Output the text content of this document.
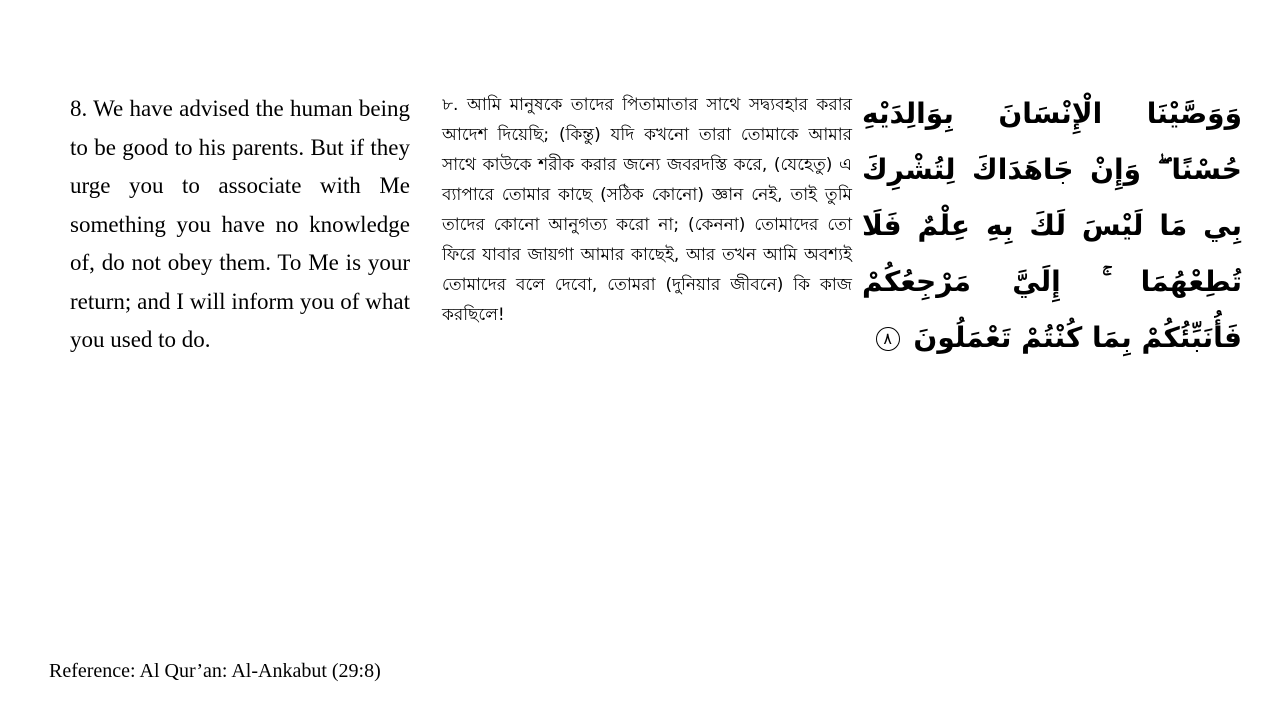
8. We have advised the human being to be good to his parents. But if they urge you to associate with Me something you have no knowledge of, do not obey them. To Me is your return; and I will inform you of what you used to do.

৮. আমি মানুষকে তাদের পিতামাতার সাথে সদ্ব্যবহার করার আদেশ দিয়েছি; (কিন্তু) যদি কখনো তারা তোমাকে আমার সাথে কাউকে শরীক করার জন্যে জবরদস্তি করে, (যেহেতু) এ ব্যাপারে তোমার কাছে (সঠিক কোনো) জ্ঞান নেই, তাই তুমি তাদের কোনো আনুগত্য করো না; (কেননা) তোমাদের তো ফিরে যাবার জায়গা আমার কাছেই, আর তখন আমি অবশ্যই তোমাদের বলে দেবো, তোমরা (দুনিয়ার জীবনে) কি কাজ করছিলে!

وَوَصَّيْنَا الْإِنْسَانَ بِوَالِدَيْهِ حُسْنًا ۖ وَإِنْ جَاهَدَاكَ لِتُشْرِكَ بِي مَا لَيْسَ لَكَ بِهِ عِلْمٌ فَلَا تُطِعْهُمَا ۚ إِلَيَّ مَرْجِعُكُمْ فَأُنَبِّئُكُمْ بِمَا كُنْتُمْ تَعْمَلُونَ ٨

Reference: Al Qur’an: Al-Ankabut (29:8)
